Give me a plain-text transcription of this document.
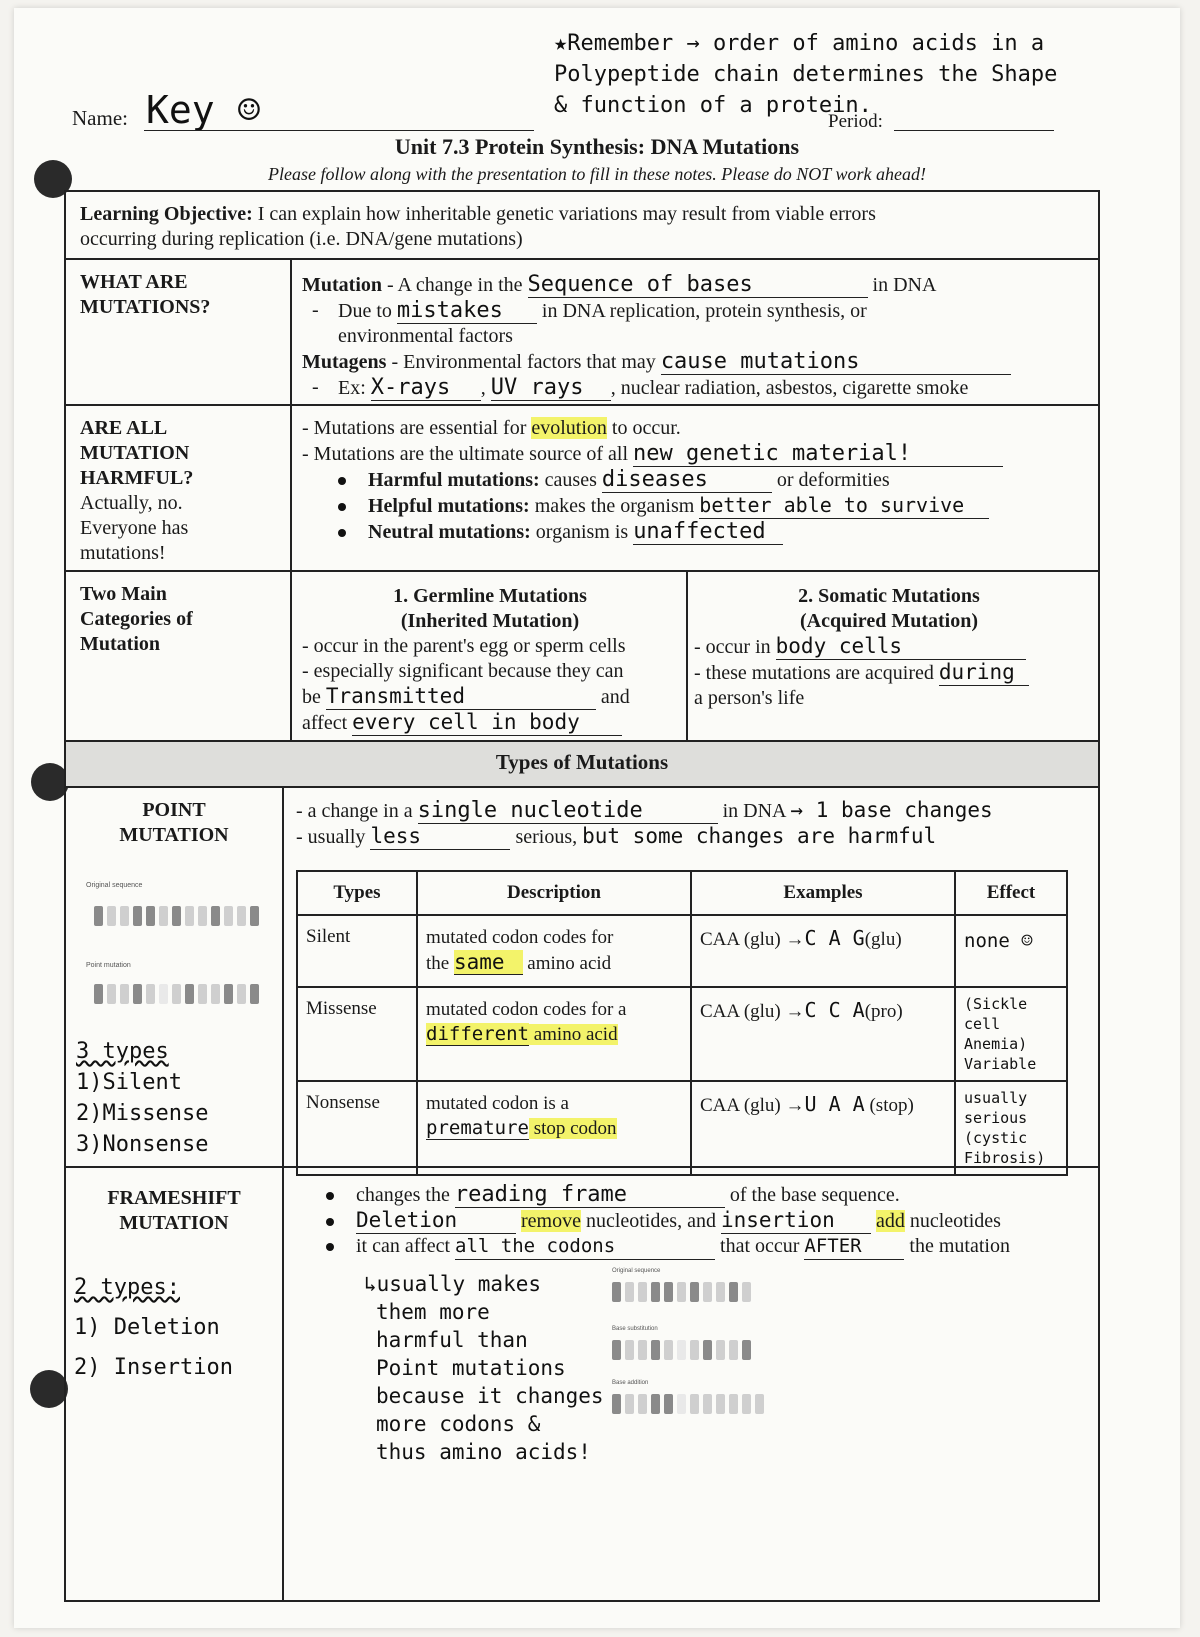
★Remember → order of amino acids in a
Polypeptide chain determines the Shape
& function of a protein.
Name: Key ☺	Period:
Unit 7.3 Protein Synthesis: DNA Mutations
Please follow along with the presentation to fill in these notes. Please do NOT work ahead!
Learning Objective: I can explain how inheritable genetic variations may result from viable errors
occurring during replication (i.e. DNA/gene mutations)
WHAT ARE
MUTATIONS?
Mutation - A change in the Sequence of bases	in DNA
- Due to mistakes in DNA replication, protein synthesis, or
environmental factors
Mutagens - Environmental factors that may cause mutations
- Ex: X-rays , UV rays , nuclear radiation, asbestos, cigarette smoke
ARE ALL
MUTATION
HARMFUL?
Actually, no.
Everyone has
mutations!
- Mutations are essential for evolution to occur.
- Mutations are the ultimate source of all new genetic material!
Harmful mutations: causes diseases	or deformities
Helpful mutations: makes the organism better able to survive
Neutral mutations: organism is unaffected
Two Main
Categories of
Mutation
1. Germline Mutations
(Inherited Mutation)
- occur in the parent's egg or sperm cells
- especially significant because they can
be Transmitted	and
affect every cell in body
2. Somatic Mutations
(Acquired Mutation)
- occur in body cells
- these mutations are acquired during
a person's life
Types of Mutations
POINT
MUTATION
Original sequence
Point mutation
3 types
1)Silent
2)Missense
3)Nonsense
- a change in a single nucleotide	in DNA → 1 base changes
- usually less	serious, but some changes are harmful
Types	Description	Examples	Effect
Silent	mutated codon codes for
the same amino acid	CAA (glu) →C A G(glu)	none ☺
Missense	mutated codon codes for a
different amino acid	CAA (glu) →C C A(pro)	(Sickle cell Anemia) Variable
Nonsense	mutated codon is a
premature stop codon	CAA (glu) →U A A (stop)	usually serious (cystic Fibrosis)
FRAMESHIFT
MUTATION
2 types:
1) Deletion
2) Insertion
changes the reading frame	of the base sequence.
Deletion	remove nucleotides, and insertion add nucleotides
it can affect all the codons	that occur AFTER the mutation
↳usually makes
them more
harmful than
Point mutations
because it changes
more codons &
thus amino acids!
Original sequence
Base substitution
Base addition
